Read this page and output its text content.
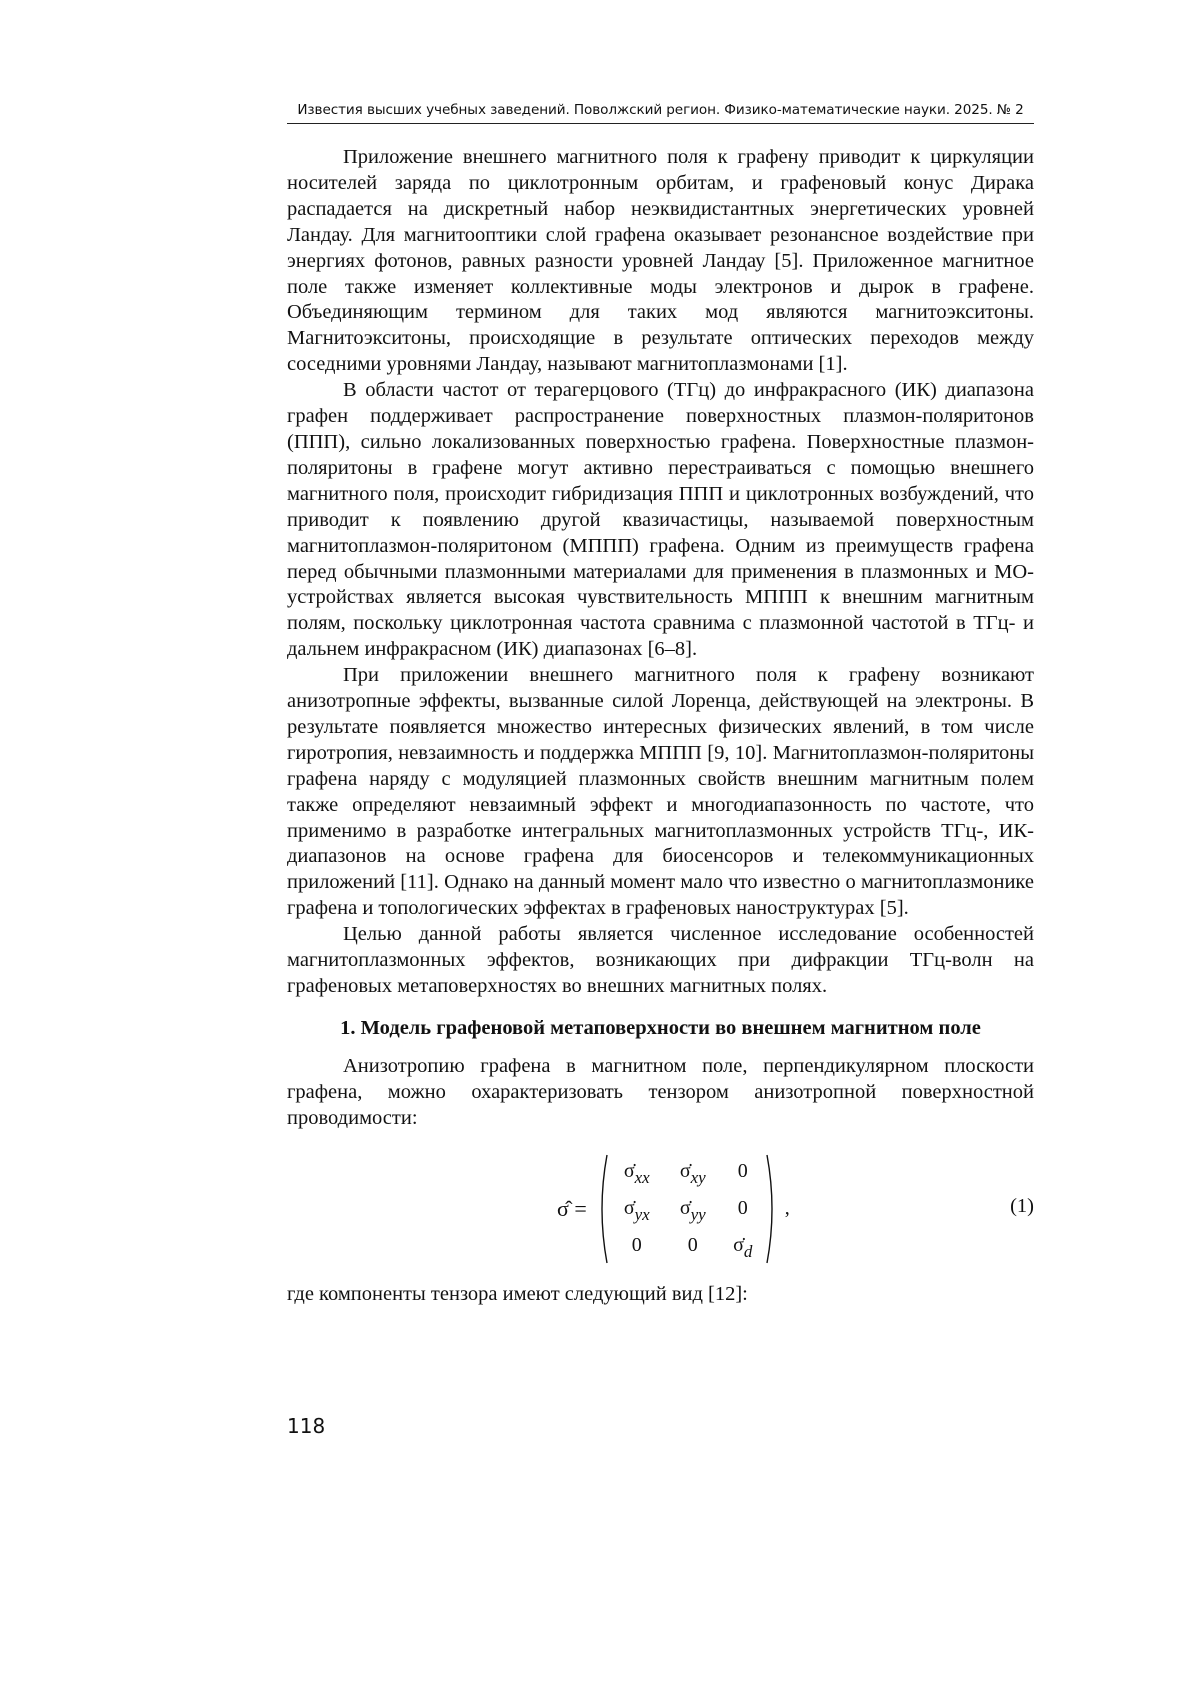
Известия высших учебных заведений. Поволжский регион. Физико-математические науки. 2025. № 2

Приложение внешнего магнитного поля к графену приводит к циркуляции носителей заряда по циклотронным орбитам, и графеновый конус Дирака распадается на дискретный набор неэквидистантных энергетических уровней Ландау. Для магнитооптики слой графена оказывает резонансное воздействие при энергиях фотонов, равных разности уровней Ландау [5]. Приложенное магнитное поле также изменяет коллективные моды электронов и дырок в графене. Объединяющим термином для таких мод являются магнитоэкситоны. Магнитоэкситоны, происходящие в результате оптических переходов между соседними уровнями Ландау, называют магнитоплазмонами [1].

В области частот от терагерцового (ТГц) до инфракрасного (ИК) диапазона графен поддерживает распространение поверхностных плазмон-поляритонов (ППП), сильно локализованных поверхностью графена. Поверхностные плазмон-поляритоны в графене могут активно перестраиваться с помощью внешнего магнитного поля, происходит гибридизация ППП и циклотронных возбуждений, что приводит к появлению другой квазичастицы, называемой поверхностным магнитоплазмон-поляритоном (МППП) графена. Одним из преимуществ графена перед обычными плазмонными материалами для применения в плазмонных и МО-устройствах является высокая чувствительность МППП к внешним магнитным полям, поскольку циклотронная частота сравнима с плазмонной частотой в ТГц- и дальнем инфракрасном (ИК) диапазонах [6–8].

При приложении внешнего магнитного поля к графену возникают анизотропные эффекты, вызванные силой Лоренца, действующей на электроны. В результате появляется множество интересных физических явлений, в том числе гиротропия, невзаимность и поддержка МППП [9, 10]. Магнитоплазмон-поляритоны графена наряду с модуляцией плазмонных свойств внешним магнитным полем также определяют невзаимный эффект и многодиапазонность по частоте, что применимо в разработке интегральных магнитоплазмонных устройств ТГц-, ИК-диапазонов на основе графена для биосенсоров и телекоммуникационных приложений [11]. Однако на данный момент мало что известно о магнитоплазмонике графена и топологических эффектах в графеновых наноструктурах [5].

Целью данной работы является численное исследование особенностей магнитоплазмонных эффектов, возникающих при дифракции ТГц-волн на графеновых метаповерхностях во внешних магнитных полях.

1. Модель графеновой метаповерхности во внешнем магнитном поле

Анизотропию графена в магнитном поле, перпендикулярном плоскости графена, можно охарактеризовать тензором анизотропной поверхностной проводимости:

σ̂ =
$\sigmȧ_{xx}$ $\sigmȧ_{xy}$ 0
$\sigmȧ_{yx}$ $\sigmȧ_{yy}$ 0
0 0 $\sigmȧ_d$
,	(1)

где компоненты тензора имеют следующий вид [12]:

118
